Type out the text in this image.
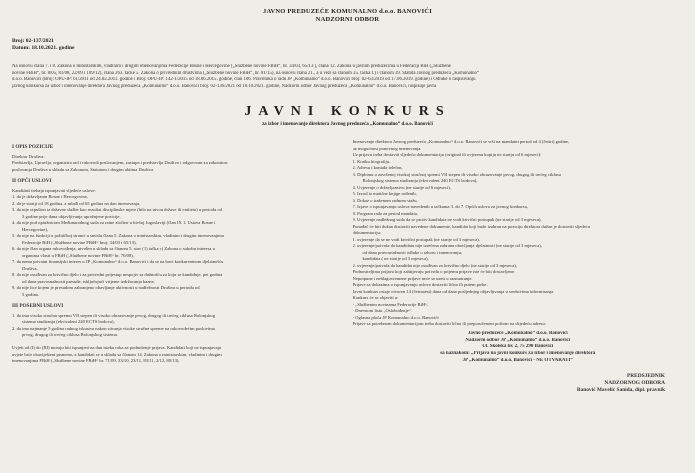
JAVNO PREDUZEĆE KOMUNALNO d.o.o. BANOVIĆI
NADZORNI ODBOR
Broj: 02-137/2021
Datum: 18.10.2021. godine
Na osnovu člana 7. i 8. Zakona o ministarskim, vladinim i drugim imenovanjima Federacije Bosne i Hercegovine („Službene novine FBiH“, br. 34/03, 65/13 ), člana 12. Zakona o javnim preduzećima u Federaciji BiH („Službene
novine FBiH“, br. 8/05, 81/08, 22/09 i 109/12), člana 263. tačke 5. Zakona o privrednim društvima („Službene novine FBiH“, br. 81/15), na osnovu člana 21., a u vezi sa članom 35. tačka f.) i članom 39. Statuta Javnog preduzeća „Komunalno“
d.o.o. Banovići (Broj: OPU-IP: 61/2011 od 24.02.2011. godine i Broj: OPU-IP: 142-1/2015 od 18.06.2015. godine, član 106. Pravilnika o radu JP „Komunalno“ d.o.o. Banovići broj: 02-63/2019 od 17.06.2019. godine) i Odluke o raspisivanju
javnog konkursa za izbor i imenovanje direktora Javnog preduzeća „Komunalno“ d.o.o. Banovići broj: 02-136/2021 od 18.10.2021. godine, Nadzorni odbor Javnog preduzeća „Komunalno“ d.o.o. Banovići, raspisuje javni
JAVNI KONKURS
za izbor i imenovanje direktora Javnog preduzeća „Komunalno“ d.o.o. Banovići
I OPIS POZICIJE
Direktor Društva:
Predstavlja, Upravlja, organizira rad i rukovodi poslovanjem, zastupa i predstavlja Društvo i odgovoran za zakonitost
poslovanja Društva u skladu sa Zakonom, Statutom i drugim aktima Društva.
II OPĆI USLOVI
Kandidati trebaju ispunjavati sljedeće uslove:
1. da je državljanin Bosne i Hercegovine,
2. da je stariji od 18 godina, a mlađi od 65 godina na dan imenovanja,
3. da nije otpušten iz državne službe kao rezultat disciplinske mjere (bilo na nivou države ili entiteta) u periodu od
3 godine prije dana objavljivanja upražnjene pozicije,
4. da nije pod optužnicom Međunarodnog suda za ratne zločine u bivšoj Jugoslaviji (član IX 1. Ustava Bosne i
Hercegovine),
5. da nije na funkciji u političkoj stranci u smislu člana 5. Zakona o ministarskim, vladinim i drugim imenovanjima
Federacije BiH („Službene novine FBiH“ broj: 34/03 i 65/13),
6. da nije član organa rukovođenja, utvrđen u skladu sa članom 5. stav (1) tačka c) Zakona o sukobu interesa u
organima vlasti u FBiH („Službene novine FBiH“ br. 70/08),
7. da nema privatni finansijski interes u JP „Komunalno“ d.o.o. Banovići i da se na bavi konkurentnom djelatnošću
Društva,
8. da nije osuđivan za krivično djelo i za privredni prijestup nespojiv sa dužnošću za koju se kandiduje, pet godina
od dana pravosnažnosti presude, isključujući vrijeme izdržavanja kazne,
9. da nije lice kojem je presudom zabranjeno obavljanje aktivnosti u nadležnosti Društva u periodu od
5 godina.
III POSEBNI USLOVI
1. da ima visoku stručnu spremu VII stepen ili visoko obrazovanje prvog, drugog ili trećeg ciklusa Bolonjskog
sistema studiranja (ekvivalent 240 ECTS bodova),
2. da ima najmanje 5 godina radnog iskustva nakon sticanja visoke stručne spreme na rukovodećim poslovima
prvog, drugog ili trećeg ciklusa Bolonjskog sistema.

Uvjeti od (I) do (III) moraju biti ispunjeni na dan isteka roka za podnošenje prijava. Kandidati koji ne ispunjavaju
uvjete biće obaviješteni pismeno, a kandidati se u skladu sa članom 14. Zakona o ministarskim, vladinim i drugim
imenovanjima FBiH („Službene novine FBiH“ br. 71/09, 33/10, 23/11, 83/11, 2/12, 80/13).
Imenovanje direktora Javnog preduzeća „Komunalno“ d.o.o. Banovići se vrši na mandatni period od 4 (četiri) godine,
uz mogućnost ponovnog imenovanja.
Uz prijavu treba dostaviti sljedeću dokumentaciju (original ili ovjerenu kopiju ne stariju od 6 mjeseci):
1. Kratku biografiju,
2. Adresu i kontakt telefon,
3. Diplomu o završenoj visokoj stručnoj spremi VII stepen ili visoko obrazovanje prvog, drugog ili trećeg ciklusa
Bolonjskog sistema studiranja (ekvivalent 240 ECTS bodova),
4. Uvjerenje o državljanstvu (ne starije od 6 mjeseci),
5. Izvod iz matične knjige rođenih,
6. Dokaz o traženom radnom stažu,
7. Izjave o ispunjavanju uslova navedenih u tačkama 3. do 7. Općih uslova za javnog konkursa,
8. Program rada za period mandata,
9. Uvjerenje nadležnog suda da se protiv kandidata ne vodi krivični postupak (ne starije od 3 mjeseca),
Ponuđač će biti dužan dostaviti navedene dokumente, kandidat koji bude izabran na poziciju direktora dužan je dostaviti sljedeću
dokumentaciju:
1. uvjerenje da se ne vodi krivični postupak (ne starije od 3 mjeseca),
2. uvjerenje/potvrda da kandidatu nije izrečena zabrana obavljanja djelatnosti (ne starije od 3 mjeseca),
od dana pravosnažnosti odluke o izboru i imenovanju,
kandidata ( ne starije od 3 mjeseca),
2. uvjerenje/potvrda da kandidat nije osuđivan za krivično djelo (ne starije od 3 mjeseca),
Podnositeljima prijava koji zahtijevaju potvrdu o prijemu prijave iste će biti dostavljene.
Nepotpune i neblagovremene prijave neće se uzeti u razmatranje.
Prijave sa dokazima o ispunjavanju uslova dostaviti lično ili putem pošte.
Javni konkurs ostaje otvoren 14 (četrnaest) dana od dana posljednjeg objavljivanja u sredstvima informisanja.
Konkurs će se objaviti u:
- „Službenim novinama Federacije BiH“,
- Dnevnom listu „Oslobođenje“
- Oglasna ploča JP Komunalno d.o.o. Banovići
Prijave sa potrebnom dokumentacijom treba dostaviti lično ili preporučenom poštom na slijedeću adresu:
Javno preduzeće „Komunalno“ d.o.o. Banovići
Nadzorni odbor JP „Komunalno“ d.o.o. Banovići
Ul. Školska br. 2, 75 290 Banovići
sa naznakom: „Prijava na javni konkurs za izbor i imenovanje direktora
JP „Komunalno“ d.o.o. Banovići - NE OTVARATI“
PREDSJEDNIK
NADZORNOG ODBORA
Banović Mavelić Sanida, dipl. pravnik
